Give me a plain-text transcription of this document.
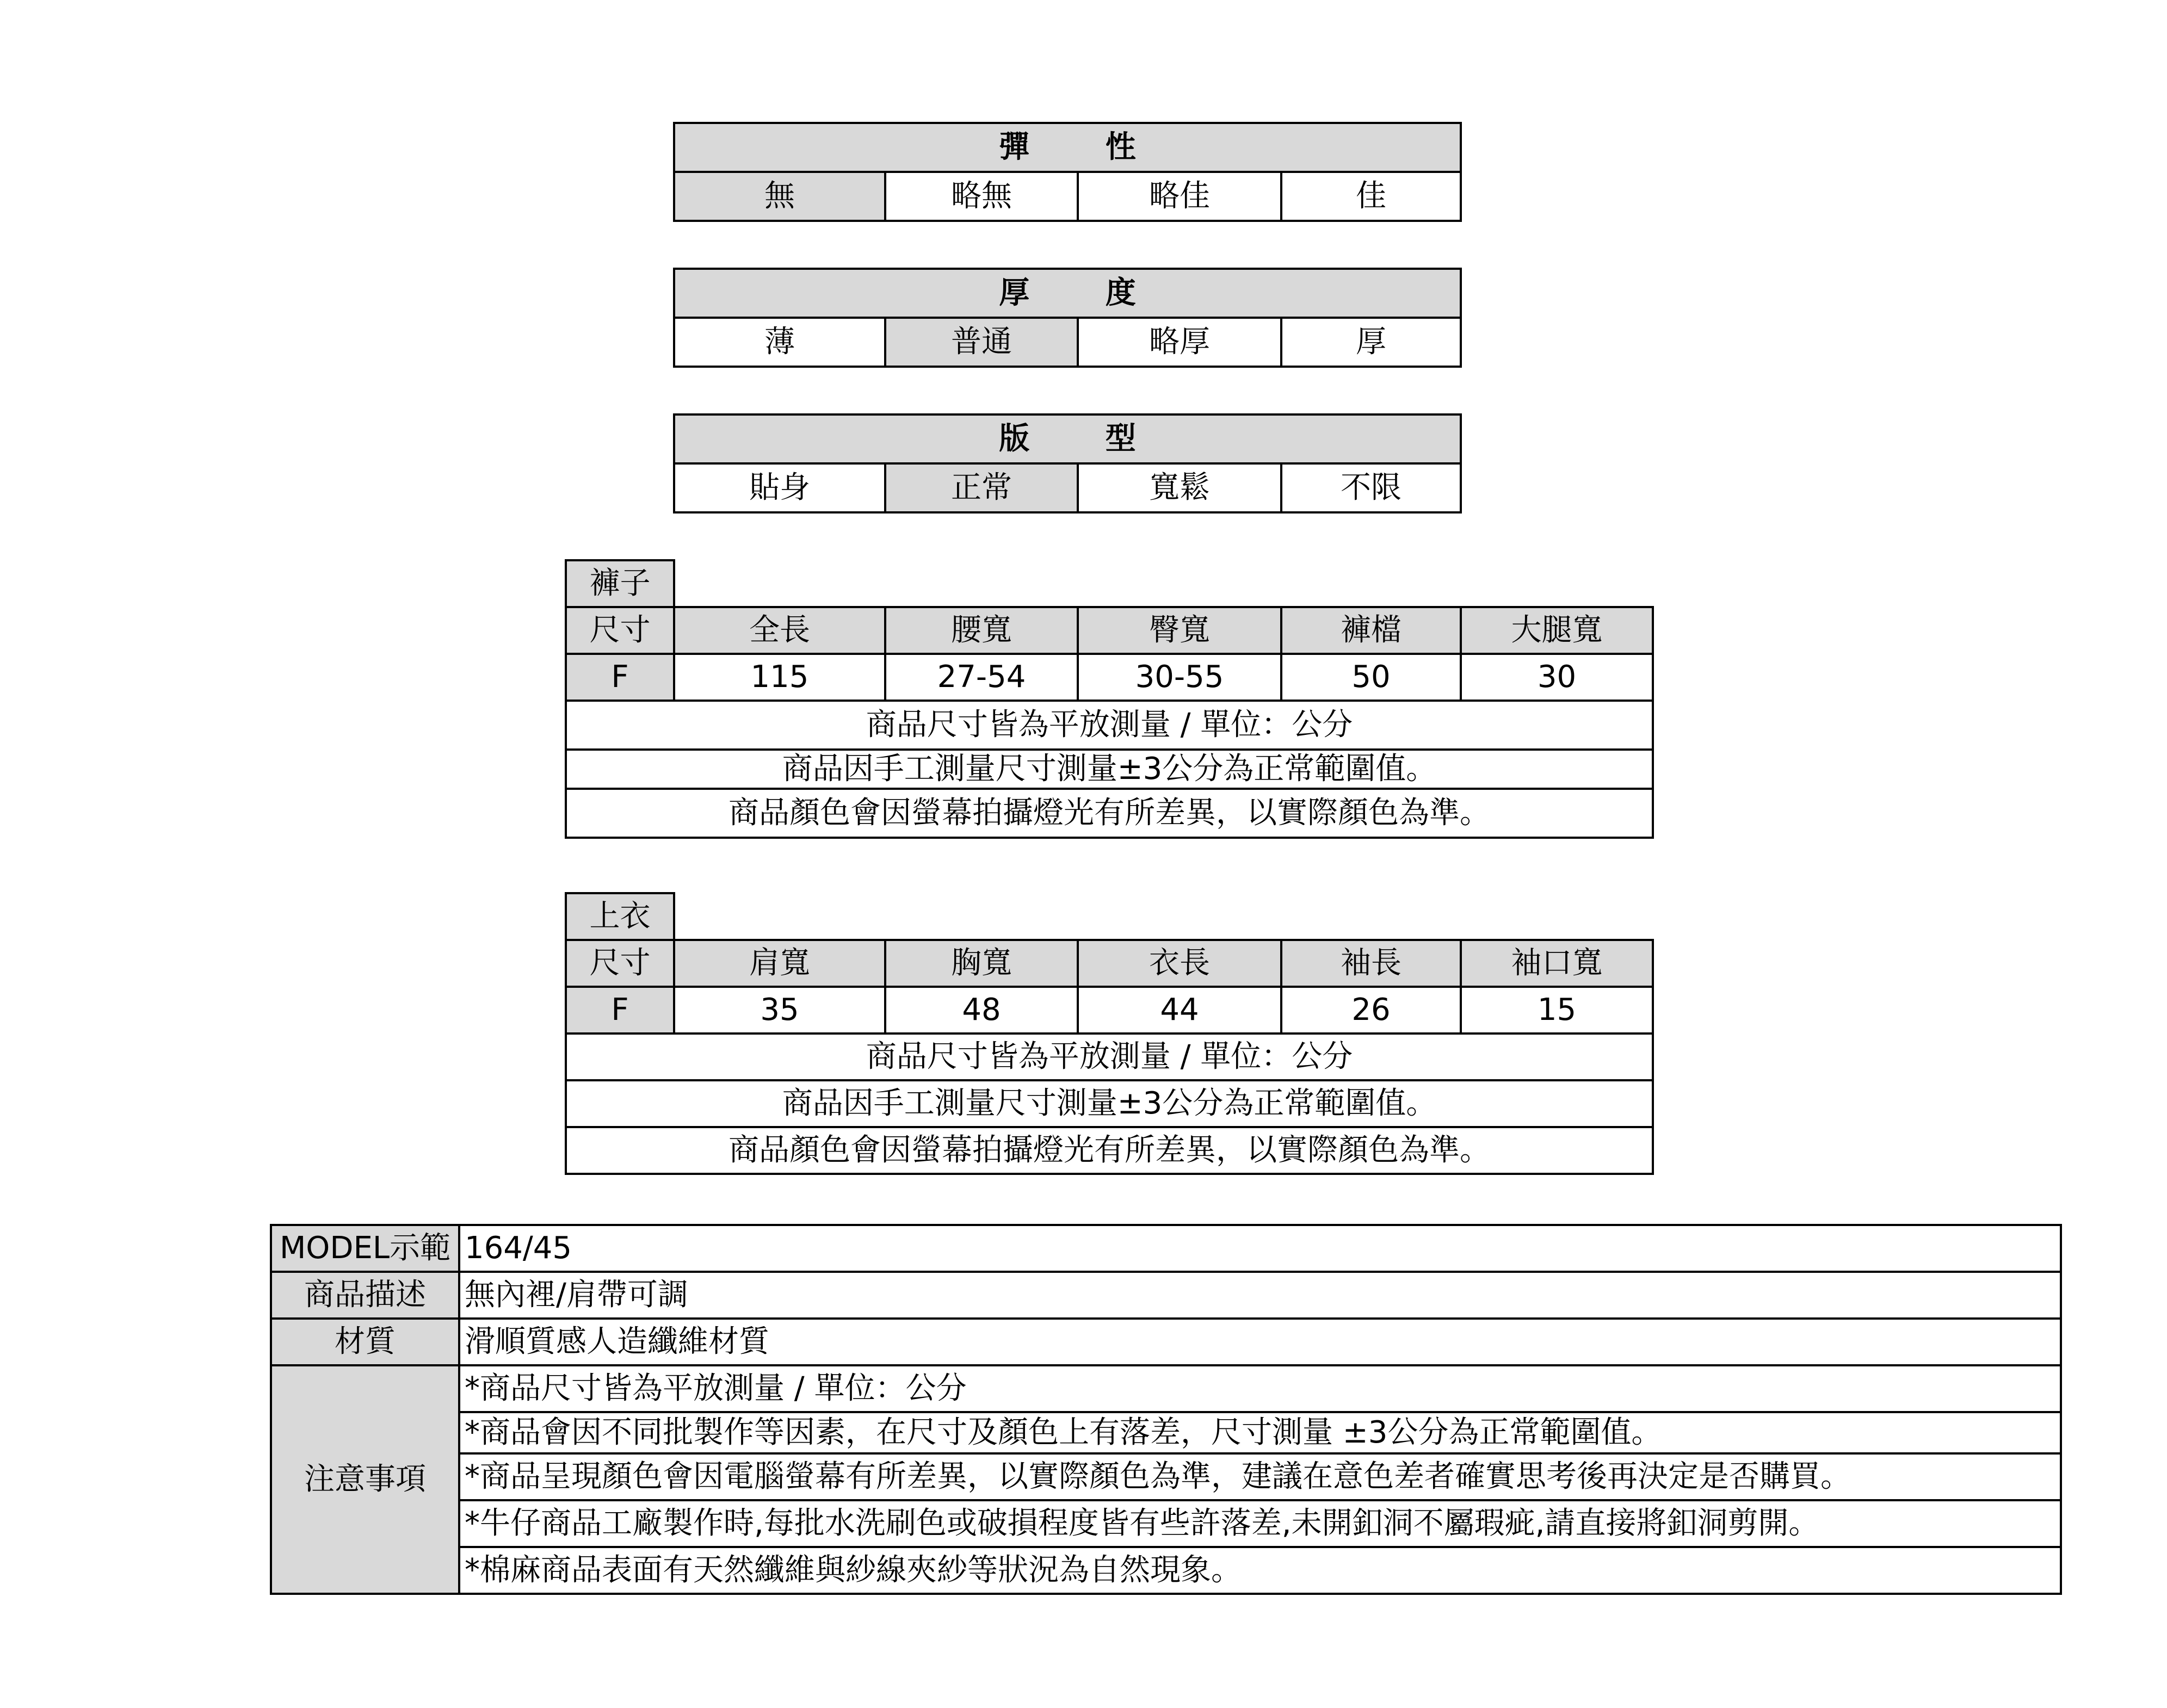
彈 性
無	略無	略佳	佳
厚 度
薄	普通	略厚	厚
版 型
貼身	正常	寬鬆	不限
褲子					
尺寸	全長	腰寬	臀寬	褲檔	大腿寬
F	115	27-54	30-55	50	30
商品尺寸皆為平放測量 / 單位：公分					
商品因手工測量尺寸測量±3公分為正常範圍值。					
商品顏色會因螢幕拍攝燈光有所差異，以實際顏色為準。					
上衣					
尺寸	肩寬	胸寬	衣長	袖長	袖口寬
F	35	48	44	26	15
商品尺寸皆為平放測量 / 單位：公分					
商品因手工測量尺寸測量±3公分為正常範圍值。					
商品顏色會因螢幕拍攝燈光有所差異，以實際顏色為準。					
MODEL示範	164/45
商品描述	無內裡/肩帶可調
材質	滑順質感人造纖維材質
注意事項	*商品尺寸皆為平放測量 / 單位：公分
	*商品會因不同批製作等因素，在尺寸及顏色上有落差，尺寸測量 ±3公分為正常範圍值。
	*商品呈現顏色會因電腦螢幕有所差異，以實際顏色為準，建議在意色差者確實思考後再決定是否購買。
	*牛仔商品工廠製作時,每批水洗刷色或破損程度皆有些許落差,未開釦洞不屬瑕疵,請直接將釦洞剪開。
	*棉麻商品表面有天然纖維與紗線夾紗等狀況為自然現象。
